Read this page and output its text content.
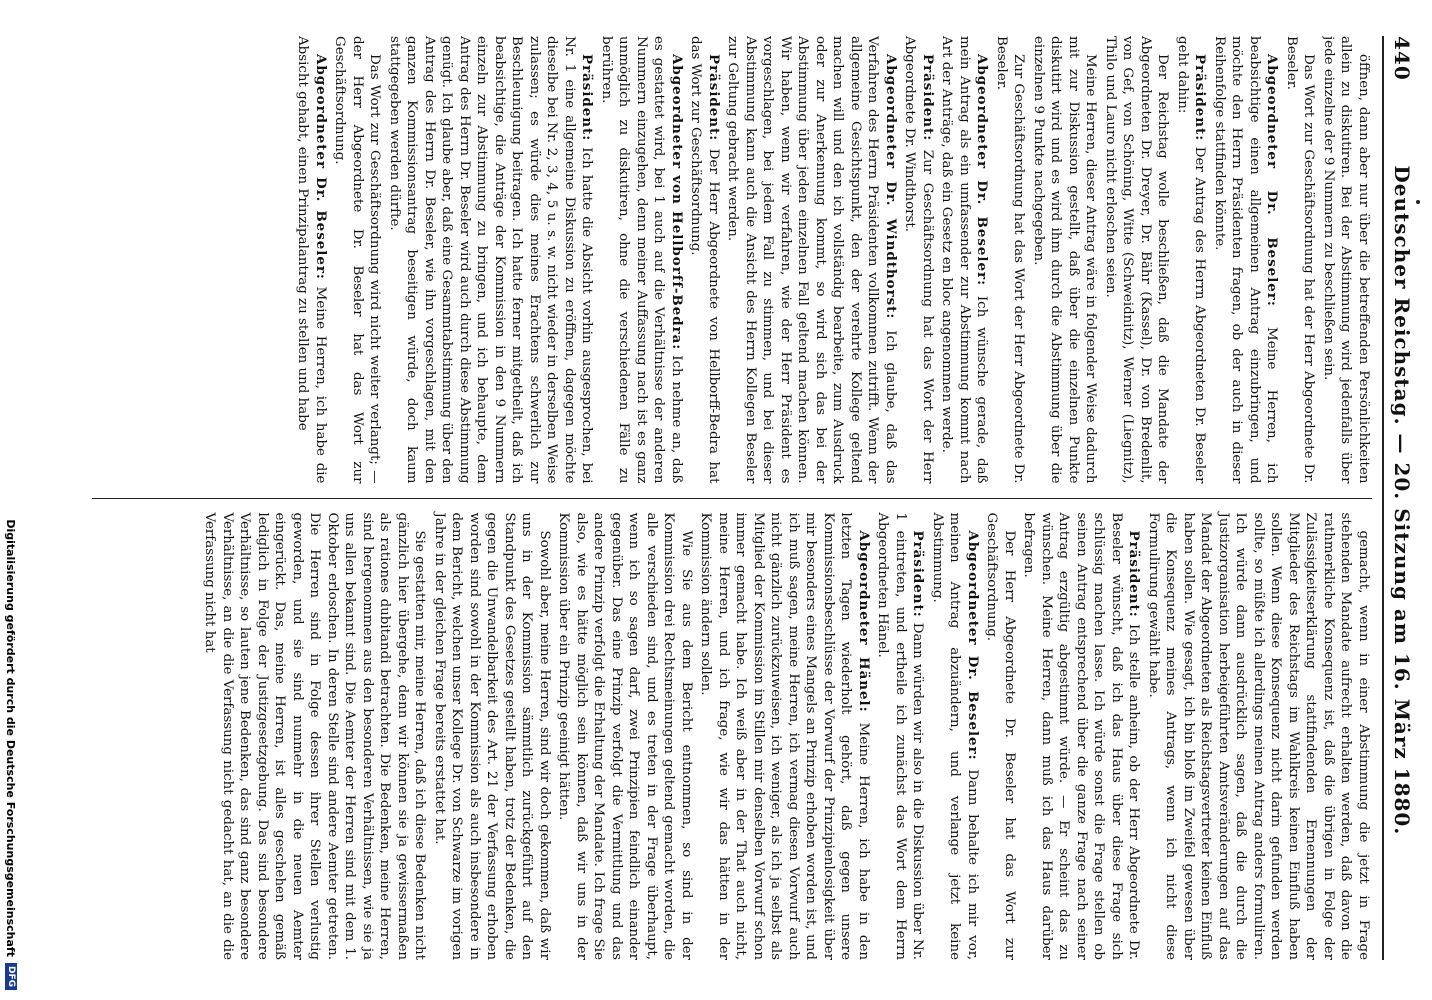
440
Deutscher Reichstag. — 20. Sitzung am 16. März 1880.

öffnen, dann aber nur über die betreffenden Persönlichkeiten allein zu diskutiren. Bei der Abstimmung wird jedenfalls über jede einzelne der 9 Nummern zu beschließen sein.

Das Wort zur Geschäftsordnung hat der Herr Abgeordnete Dr. Beseler.

Abgeordneter Dr. Beseler: Meine Herren, ich beabsichtige einen allgemeinen Antrag einzubringen, und möchte den Herrn Präsidenten fragen, ob der auch in dieser Reihenfolge stattfinden könnte.

Präsident: Der Antrag des Herrn Abgeordneten Dr. Beseler geht dahin:

Der Reichstag wolle beschließen, daß die Mandate der Abgeordneten Dr. Dreyer, Dr. Bähr (Kassel), Dr. von Bredenlit, von Gef, von Schöning, Witte (Schweidnitz), Werner (Liegnitz), Thilo und Lauro nicht erloschen seien.

Meine Herren, dieser Antrag wäre in folgender Weise dadurch mit zur Diskussion gestellt, daß über die einzelnen Punkte diskutirt wird und es wird ihm durch die Abstimmung über die einzelnen 9 Punkte nachgegeben.

Zur Geschäftsordnung hat das Wort der Herr Abgeordnete Dr. Beseler.

Abgeordneter Dr. Beseler: Ich wünsche gerade, daß mein Antrag als ein umfassender zur Abstimmung kommt nach Art der Anträge, daß ein Gesetz en bloc angenommen werde.

Präsident: Zur Geschäftsordnung hat das Wort der Herr Abgeordnete Dr. Windthorst.

Abgeordneter Dr. Windthorst: Ich glaube, daß das Verfahren des Herrn Präsidenten vollkommen zutrifft. Wenn der allgemeine Gesichtspunkt, den der verehrte Kollege geltend machen will und den ich vollständig bearbeite, zum Ausdruck oder zur Anerkennung kommt, so wird sich das bei der Abstimmung über jeden einzelnen Fall geltend machen können. Wir haben, wenn wir verfahren, wie der Herr Präsident es vorgeschlagen, bei jedem Fall zu stimmen, und bei dieser Abstimmung kann auch die Ansicht des Herrn Kollegen Beseler zur Geltung gebracht werden.

Präsident: Der Herr Abgeordnete von Hellborff-Bedra hat das Wort zur Geschäftsordnung.

Abgeordneter von Hellborff-Bedra: Ich nehme an, daß es gestattet wird, bei 1 auch auf die Verhältnisse der anderen Nummern einzugehen, denn meiner Auffassung nach ist es ganz unmöglich zu diskutiren, ohne die verschiedenen Fälle zu berühren.

Präsident: Ich hatte die Absicht vorhin ausgesprochen, bei Nr. 1 eine allgemeine Diskussion zu eröffnen, dagegen möchte dieselbe bei Nr. 2, 3, 4, 5 u. s. w. nicht wieder in derselben Weise zulassen; es würde dies meines Erachtens schwerlich zur Beschleunigung beitragen. Ich hatte ferner mitgetheilt, daß ich beabsichtige, die Anträge der Kommission in den 9 Nummern einzeln zur Abstimmung zu bringen, und ich behaupte, dem Antrag des Herrn Dr. Beseler wird auch durch diese Abstimmung genügt. Ich glaube aber, daß eine Gesammtabstimmung über den Antrag des Herrn Dr. Beseler, wie ihn vorgeschlagen, mit den ganzen Kommissionsantrag beseitigen würde, doch kaum stattgegeben werden dürfte.

Das Wort zur Geschäftsordnung wird nicht weiter verlangt; — der Herr Abgeordnete Dr. Beseler hat das Wort zur Geschäftsordnung.

Abgeordneter Dr. Beseler: Meine Herren, ich habe die Absicht gehabt, einen Prinzipalantrag zu stellen und habe

gemacht, wenn in einer Abstimmung die jetzt in Frage stehenden Mandate aufrecht erhalten werden, daß davon die rathmerkliche Konsequenz ist, daß die übrigen in Folge der Zulässigkeitserklärung stattfindenden Ernennungen der Mitglieder des Reichstags im Wahlkreis keinen Einfluß haben sollen. Wenn diese Konsequenz nicht darin gefunden werden sollte, so müßte ich allerdings meinen Antrag anders formuliren. Ich würde dann ausdrücklich sagen, daß die durch die Justizorganisation herbeigeführten Amtsveränderungen auf das Mandat der Abgeordneten als Reichstagsvertreter keinen Einfluß haben sollen. Wie gesagt, ich bin bloß im Zweifel gewesen über die Konsequenz meines Antrags, wenn ich nicht diese Formulirung gewählt habe.

Präsident: Ich stelle anheim, ob der Herr Abgeordnete Dr. Beseler wünscht, daß ich das Haus über diese Frage sich schlüssig machen lasse. Ich würde sonst die Frage stellen ob seinen Antrag entsprechend über die ganze Frage nach seiner Antrag erzgültig abgestimmt würde. — Er scheint das zu wünschen. Meine Herren, dann muß ich das Haus darüber befragen.

Der Herr Abgeordnete Dr. Beseler hat das Wort zur Geschäftsordnung.

Abgeordneter Dr. Beseler: Dann behalte ich mir vor, meinen Antrag abzuändern, und verlange jetzt keine Abstimmung.

Präsident: Dann würden wir also in die Diskussion über Nr. 1 eintreten, und ertheile ich zunächst das Wort dem Herrn Abgeordneten Hänel.

Abgeordneter Hänel: Meine Herren, ich habe in den letzten Tagen wiederholt gehört, daß gegen unsere Kommissionsbeschlüsse der Vorwurf der Prinzipienlosigkeit über mir besonders eines Mangels an Prinzip erhoben worden ist, und ich muß sagen, meine Herren, ich vermag diesen Vorwurf auch nicht gänzlich zurückzuweisen, ich weniger, als ich ja selbst als Mitglied der Kommission im Stillen mir denselben Vorwurf schon immer gemacht habe. Ich weiß aber in der That auch nicht, meine Herren, und ich frage, wie wir das hätten in der Kommission ändern sollen.

Wie Sie aus dem Bericht entnommen, so sind in der Kommission drei Rechtsmeinungen geltend gemacht worden, die alle verschieden sind, und es treten in der Frage überhaupt, wenn ich so sagen darf, zwei Prinzipien feindlich einander gegenüber. Das eine Prinzip verfolgt die Vermittlung und das andere Prinzip verfolgt die Erhaltung der Mandate. Ich frage Sie also, wie es hätte möglich sein können, daß wir uns in der Kommission über ein Prinzip geeinigt hätten.

Sowohl aber, meine Herren, sind wir doch gekommen, daß wir uns in der Kommission sämmtlich zurückgeführt auf den Standpunkt des Gesetzes gestellt haben, trotz der Bedenken, die gegen die Unwandelbarkeit des Art. 21 der Verfassung erhoben worden sind sowohl in der Kommission als auch insbesondere in dem Bericht, welchen unser Kollege Dr. von Schwarze im vorigen Jahre in der gleichen Frage bereits erstattet hat.

Sie gestatten mir, meine Herren, daß ich diese Bedenken nicht gänzlich hier übergehe, denn wir können sie ja gewissermaßen als rationes dubitandi betrachten. Die Bedenken, meine Herren, sind hergenommen aus den besonderen Verhältnissen, wie sie ja uns allen bekannt sind. Die Aemter der Herren sind mit dem 1. Oktober erloschen. In deren Stelle sind andere Aemter getreten. Die Herren sind in Folge dessen ihrer Stellen verlustig geworden, und sie sind nunmehr in die neuen Aemter eingerückt. Das, meine Herren, ist alles geschehen gemäß lediglich in Folge der Justizgesetzgebung. Das sind besondere Verhältnisse, so lauten jene Bedenken, das sind ganz besondere Verhältnisse, an die die Verfassung nicht gedacht hat, an die die Verfassung nicht hat

Digitalisierung gefördert durch die Deutsche Forschungsgemeinschaft
DFG
